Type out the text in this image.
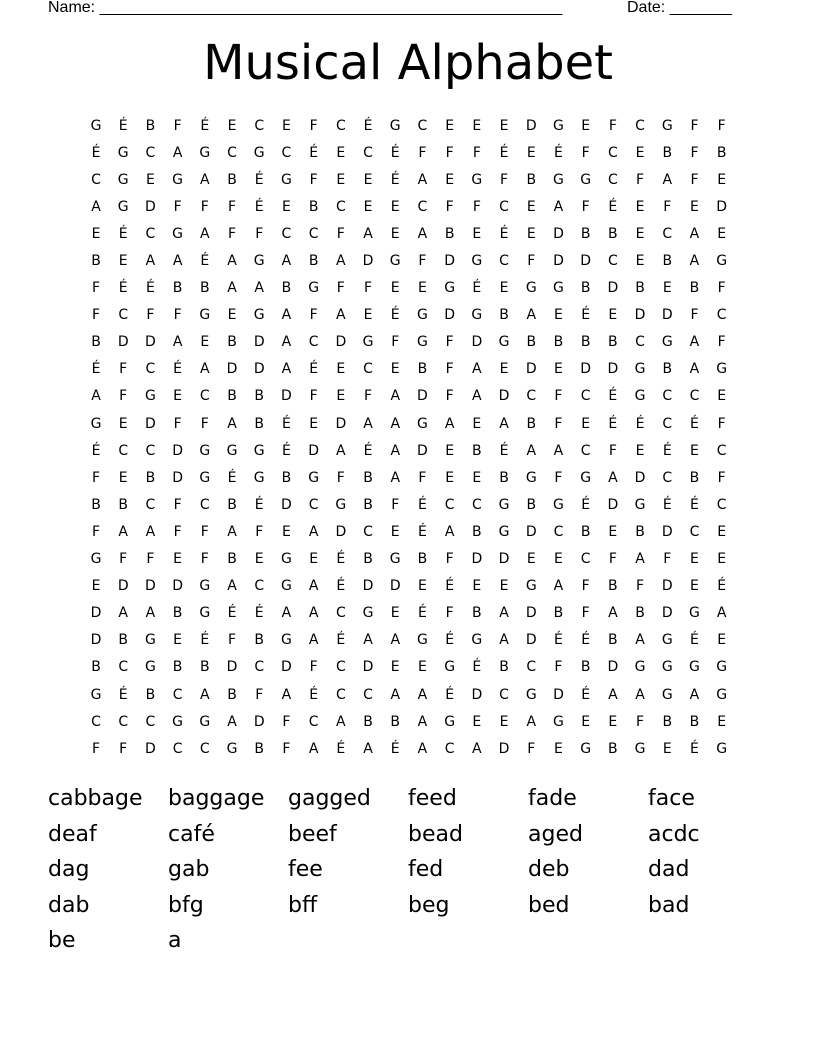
Name: ____________________________________________________	Date: _______
Musical Alphabet
G	É	B	F	É	E	C	E	F	C	É	G	C	E	E	E	D	G	E	F	C	G	F	F
É	G	C	A	G	C	G	C	É	E	C	É	F	F	F	É	E	É	F	C	E	B	F	B
C	G	E	G	A	B	É	G	F	E	E	É	A	E	G	F	B	G	G	C	F	A	F	E
A	G	D	F	F	F	É	E	B	C	E	E	C	F	F	C	E	A	F	É	E	F	E	D
E	É	C	G	A	F	F	C	C	F	A	E	A	B	E	É	E	D	B	B	E	C	A	E
B	E	A	A	É	A	G	A	B	A	D	G	F	D	G	C	F	D	D	C	E	B	A	G
F	É	É	B	B	A	A	B	G	F	F	E	E	G	É	E	G	G	B	D	B	E	B	F
F	C	F	F	G	E	G	A	F	A	E	É	G	D	G	B	A	E	É	E	D	D	F	C
B	D	D	A	E	B	D	A	C	D	G	F	G	F	D	G	B	B	B	B	C	G	A	F
É	F	C	É	A	D	D	A	É	E	C	E	B	F	A	E	D	E	D	D	G	B	A	G
A	F	G	E	C	B	B	D	F	E	F	A	D	F	A	D	C	F	C	É	G	C	C	E
G	E	D	F	F	A	B	É	E	D	A	A	G	A	E	A	B	F	E	É	É	C	É	F
É	C	C	D	G	G	G	É	D	A	É	A	D	E	B	É	A	A	C	F	E	É	E	C
F	E	B	D	G	É	G	B	G	F	B	A	F	E	E	B	G	F	G	A	D	C	B	F
B	B	C	F	C	B	É	D	C	G	B	F	É	C	C	G	B	G	É	D	G	É	É	C
F	A	A	F	F	A	F	E	A	D	C	E	É	A	B	G	D	C	B	E	B	D	C	E
G	F	F	E	F	B	E	G	E	É	B	G	B	F	D	D	E	E	C	F	A	F	E	E
E	D	D	D	G	A	C	G	A	É	D	D	E	É	E	E	G	A	F	B	F	D	E	É
D	A	A	B	G	É	É	A	A	C	G	E	É	F	B	A	D	B	F	A	B	D	G	A
D	B	G	E	É	F	B	G	A	É	A	A	G	É	G	A	D	É	É	B	A	G	É	E
B	C	G	B	B	D	C	D	F	C	D	E	E	G	É	B	C	F	B	D	G	G	G	G
G	É	B	C	A	B	F	A	É	C	C	A	A	É	D	C	G	D	É	A	A	G	A	G
C	C	C	G	G	A	D	F	C	A	B	B	A	G	E	E	A	G	E	E	F	B	B	E
F	F	D	C	C	G	B	F	A	É	A	É	A	C	A	D	F	E	G	B	G	E	É	G
cabbage	baggage	gagged	feed	fade	face
deaf	café	beef	bead	aged	acdc
dag	gab	fee	fed	deb	dad
dab	bfg	bff	beg	bed	bad
be	a
